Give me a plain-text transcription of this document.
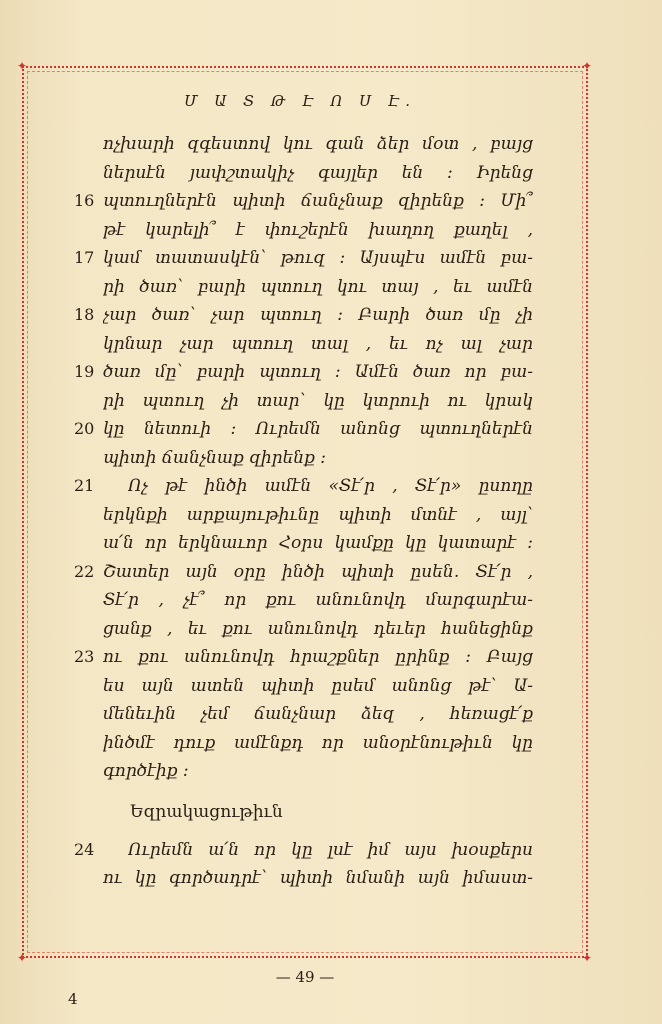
✦	✦
✦	✦
Մ Ա Տ Թ Է Ո Ս Է.
ոչխարի զգեստով կու գան ձեր մօտ , բայց
ներսէն յափշտակիչ գայլեր են ։ Իրենց
16 պտուղներէն պիտի ճանչնաք զիրենք ։ Մի՞
թէ կարելի՞ է փուշերէն խաղող քաղել ,
17 կամ տատասկէն՝ թուզ ։ Այսպէս ամէն բա-
րի ծառ՝ բարի պտուղ կու տայ , եւ ամէն
18 չար ծառ՝ չար պտուղ ։ Բարի ծառ մը չի
կրնար չար պտուղ տալ , եւ ոչ ալ չար
19 ծառ մը՝ բարի պտուղ ։ Ամէն ծառ որ բա-
րի պտուղ չի տար՝ կը կտրուի ու կրակ
20 կը նետուի ։ Ուրեմն անոնց պտուղներէն
պիտի ճանչնաք զիրենք ։
21 Ոչ թէ ինծի ամէն «Տէ՛ր , Տէ՛ր» ըսողը
երկնքի արքայութիւնը պիտի մտնէ , այլ՝
ա՛ն որ երկնաւոր Հօրս կամքը կը կատարէ ։
22 Շատեր այն օրը ինծի պիտի ըսեն․ Տէ՛ր ,
Տէ՛ր , չէ՞ որ քու անունովդ մարգարէա-
ցանք , եւ քու անունովդ դեւեր հանեցինք
23 ու քու անունովդ հրաշքներ ըրինք ։ Բայց
ես այն ատեն պիտի ըսեմ անոնց թէ՝ Ա-
մենեւին չեմ ճանչնար ձեզ , հեռացէ՛ք
ինծմէ դուք ամէնքդ որ անօրէնութիւն կը
գործէիք ։
Եզրակացութիւն
24 Ուրեմն ա՛ն որ կը լսէ իմ այս խօսքերս
ու կը գործադրէ՝ պիտի նմանի այն իմաստ-
— 49 —
4
